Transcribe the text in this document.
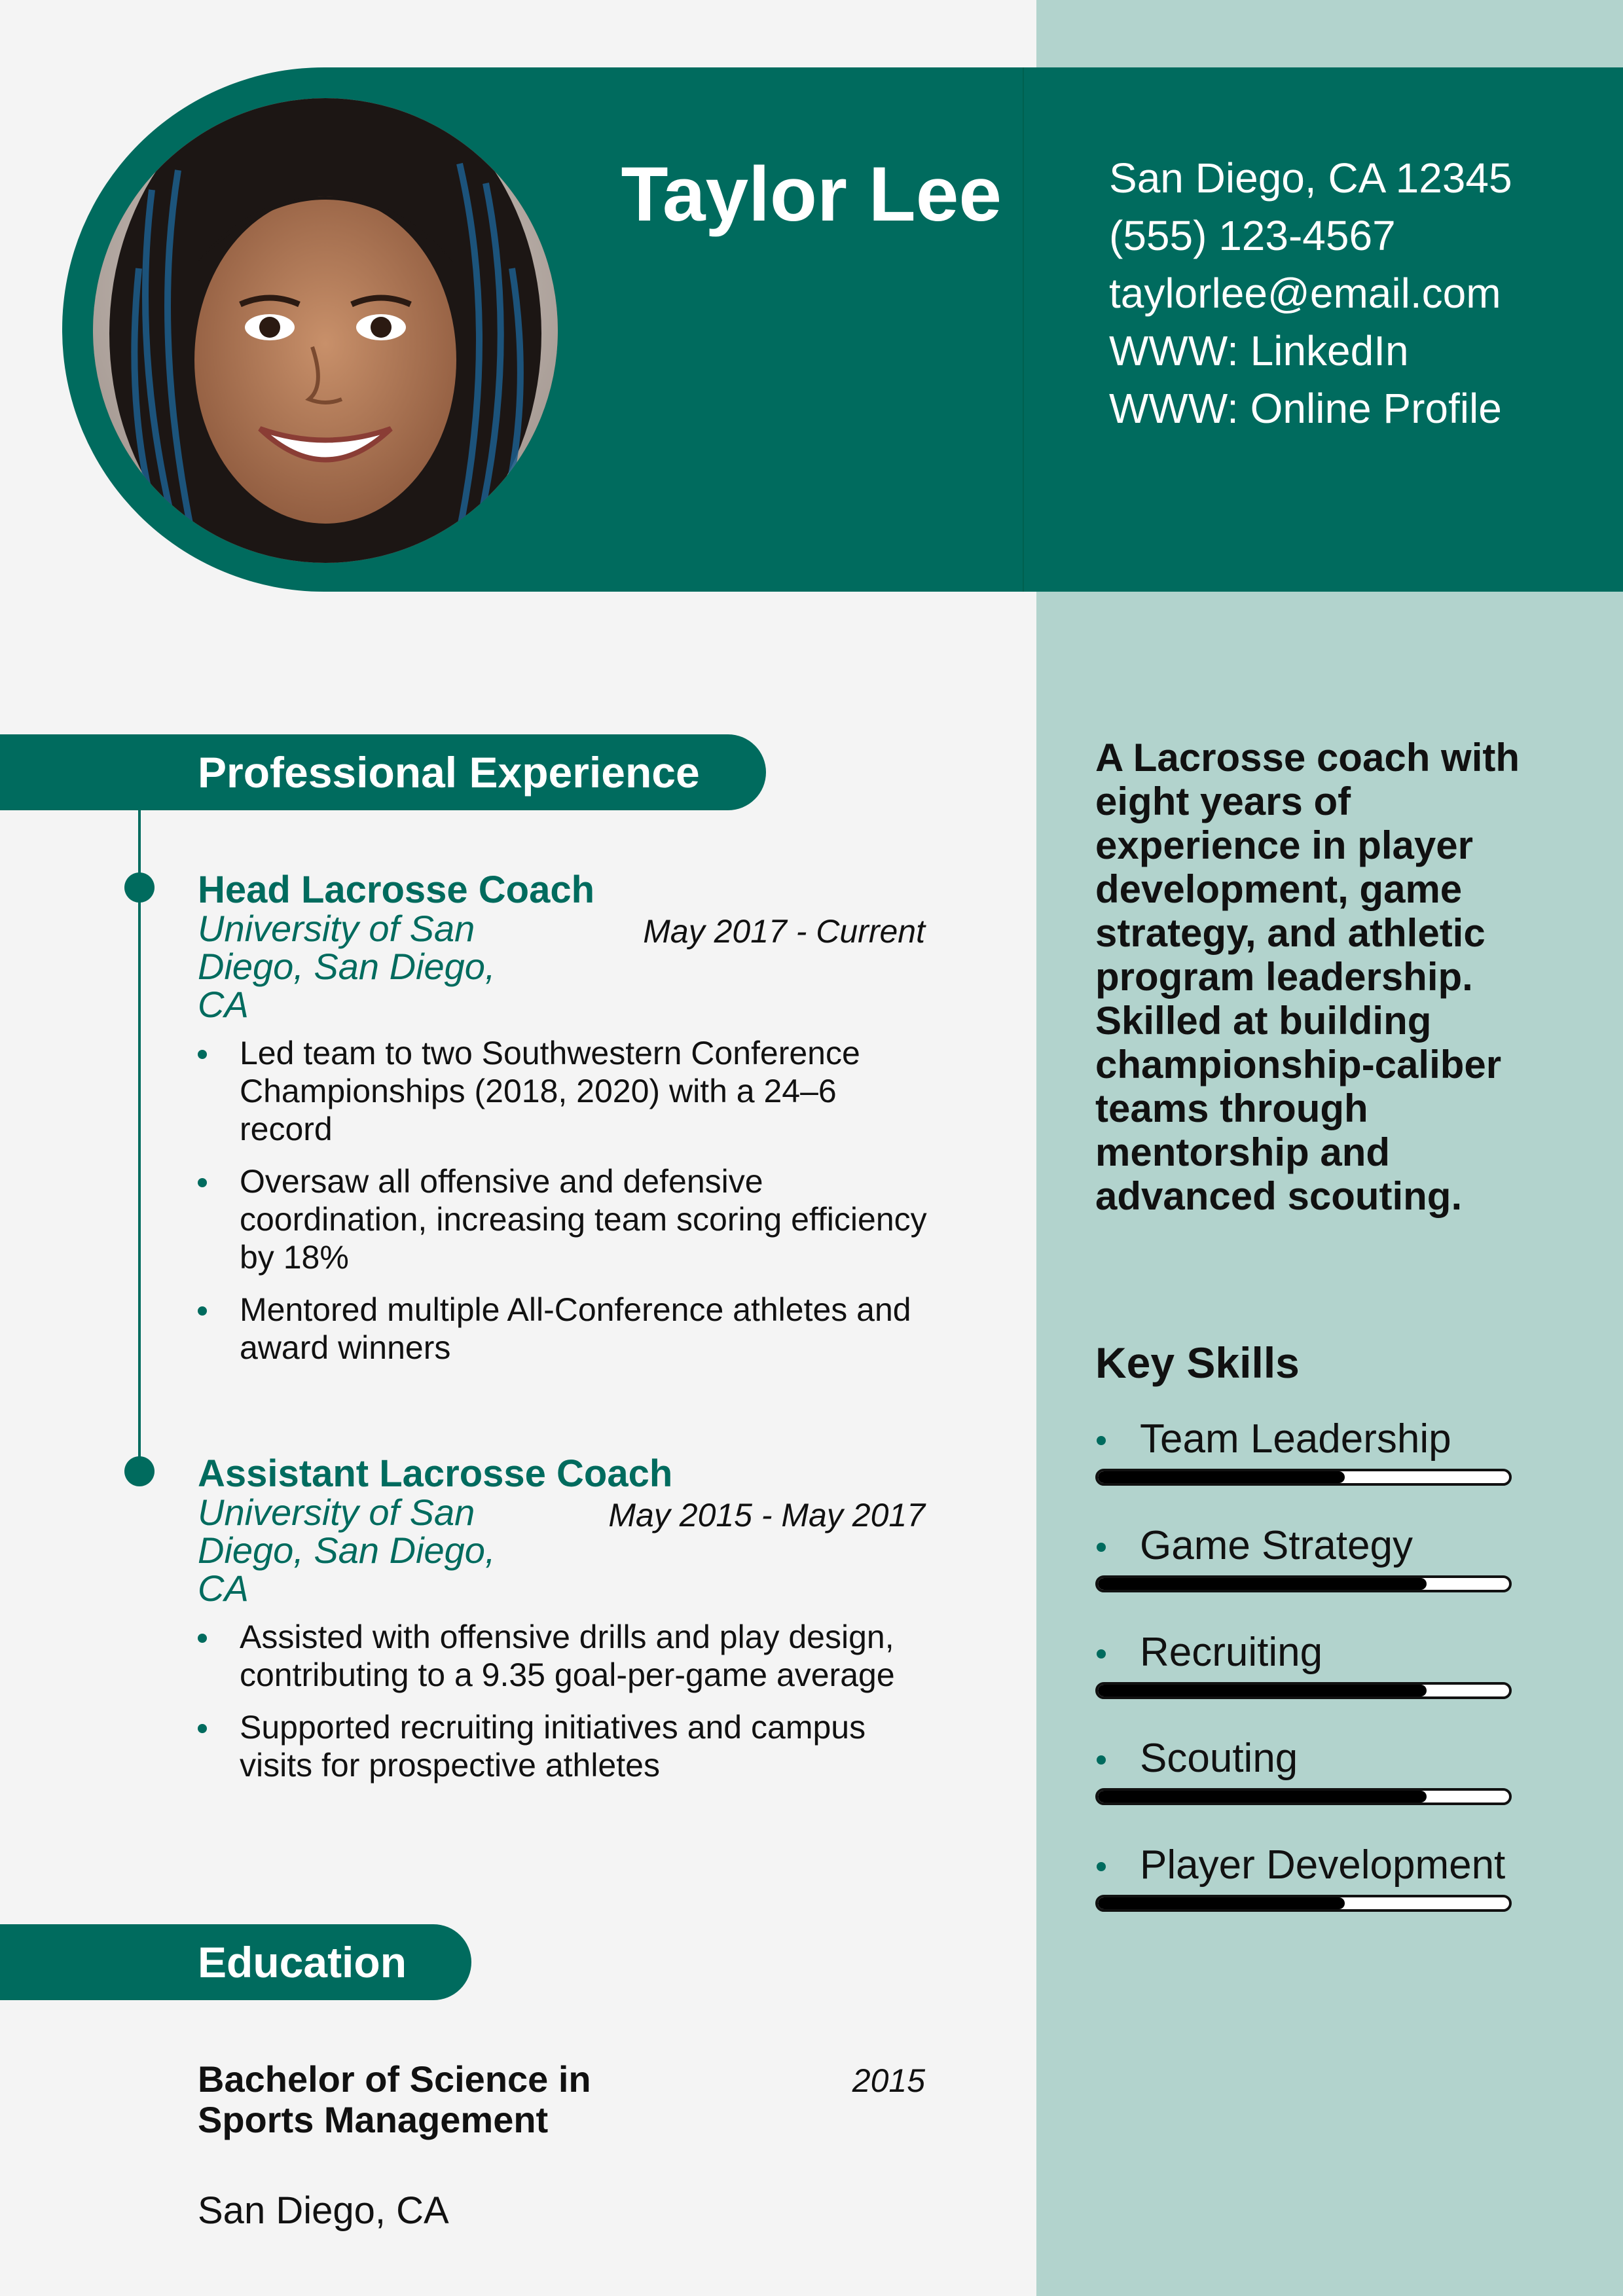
Taylor Lee	San Diego, CA 12345
(555) 123-4567
taylorlee@email.com
WWW: LinkedIn
WWW: Online Profile
Professional Experience
Head Lacrosse Coach
University of San Diego, San Diego, CA
May 2017 - Current
Led team to two Southwestern Conference Championships (2018, 2020) with a 24–6 record
Oversaw all offensive and defensive coordination, increasing team scoring efficiency by 18%
Mentored multiple All-Conference athletes and award winners
Assistant Lacrosse Coach
University of San Diego, San Diego, CA
May 2015 - May 2017
Assisted with offensive drills and play design, contributing to a 9.35 goal-per-game average
Supported recruiting initiatives and campus visits for prospective athletes
Education
Bachelor of Science in Sports Management
San Diego, CA
2015
A Lacrosse coach with eight years of experience in player development, game strategy, and athletic program leadership. Skilled at building championship-caliber teams through mentorship and advanced scouting.
Key Skills
Team Leadership
Game Strategy
Recruiting
Scouting
Player Development
